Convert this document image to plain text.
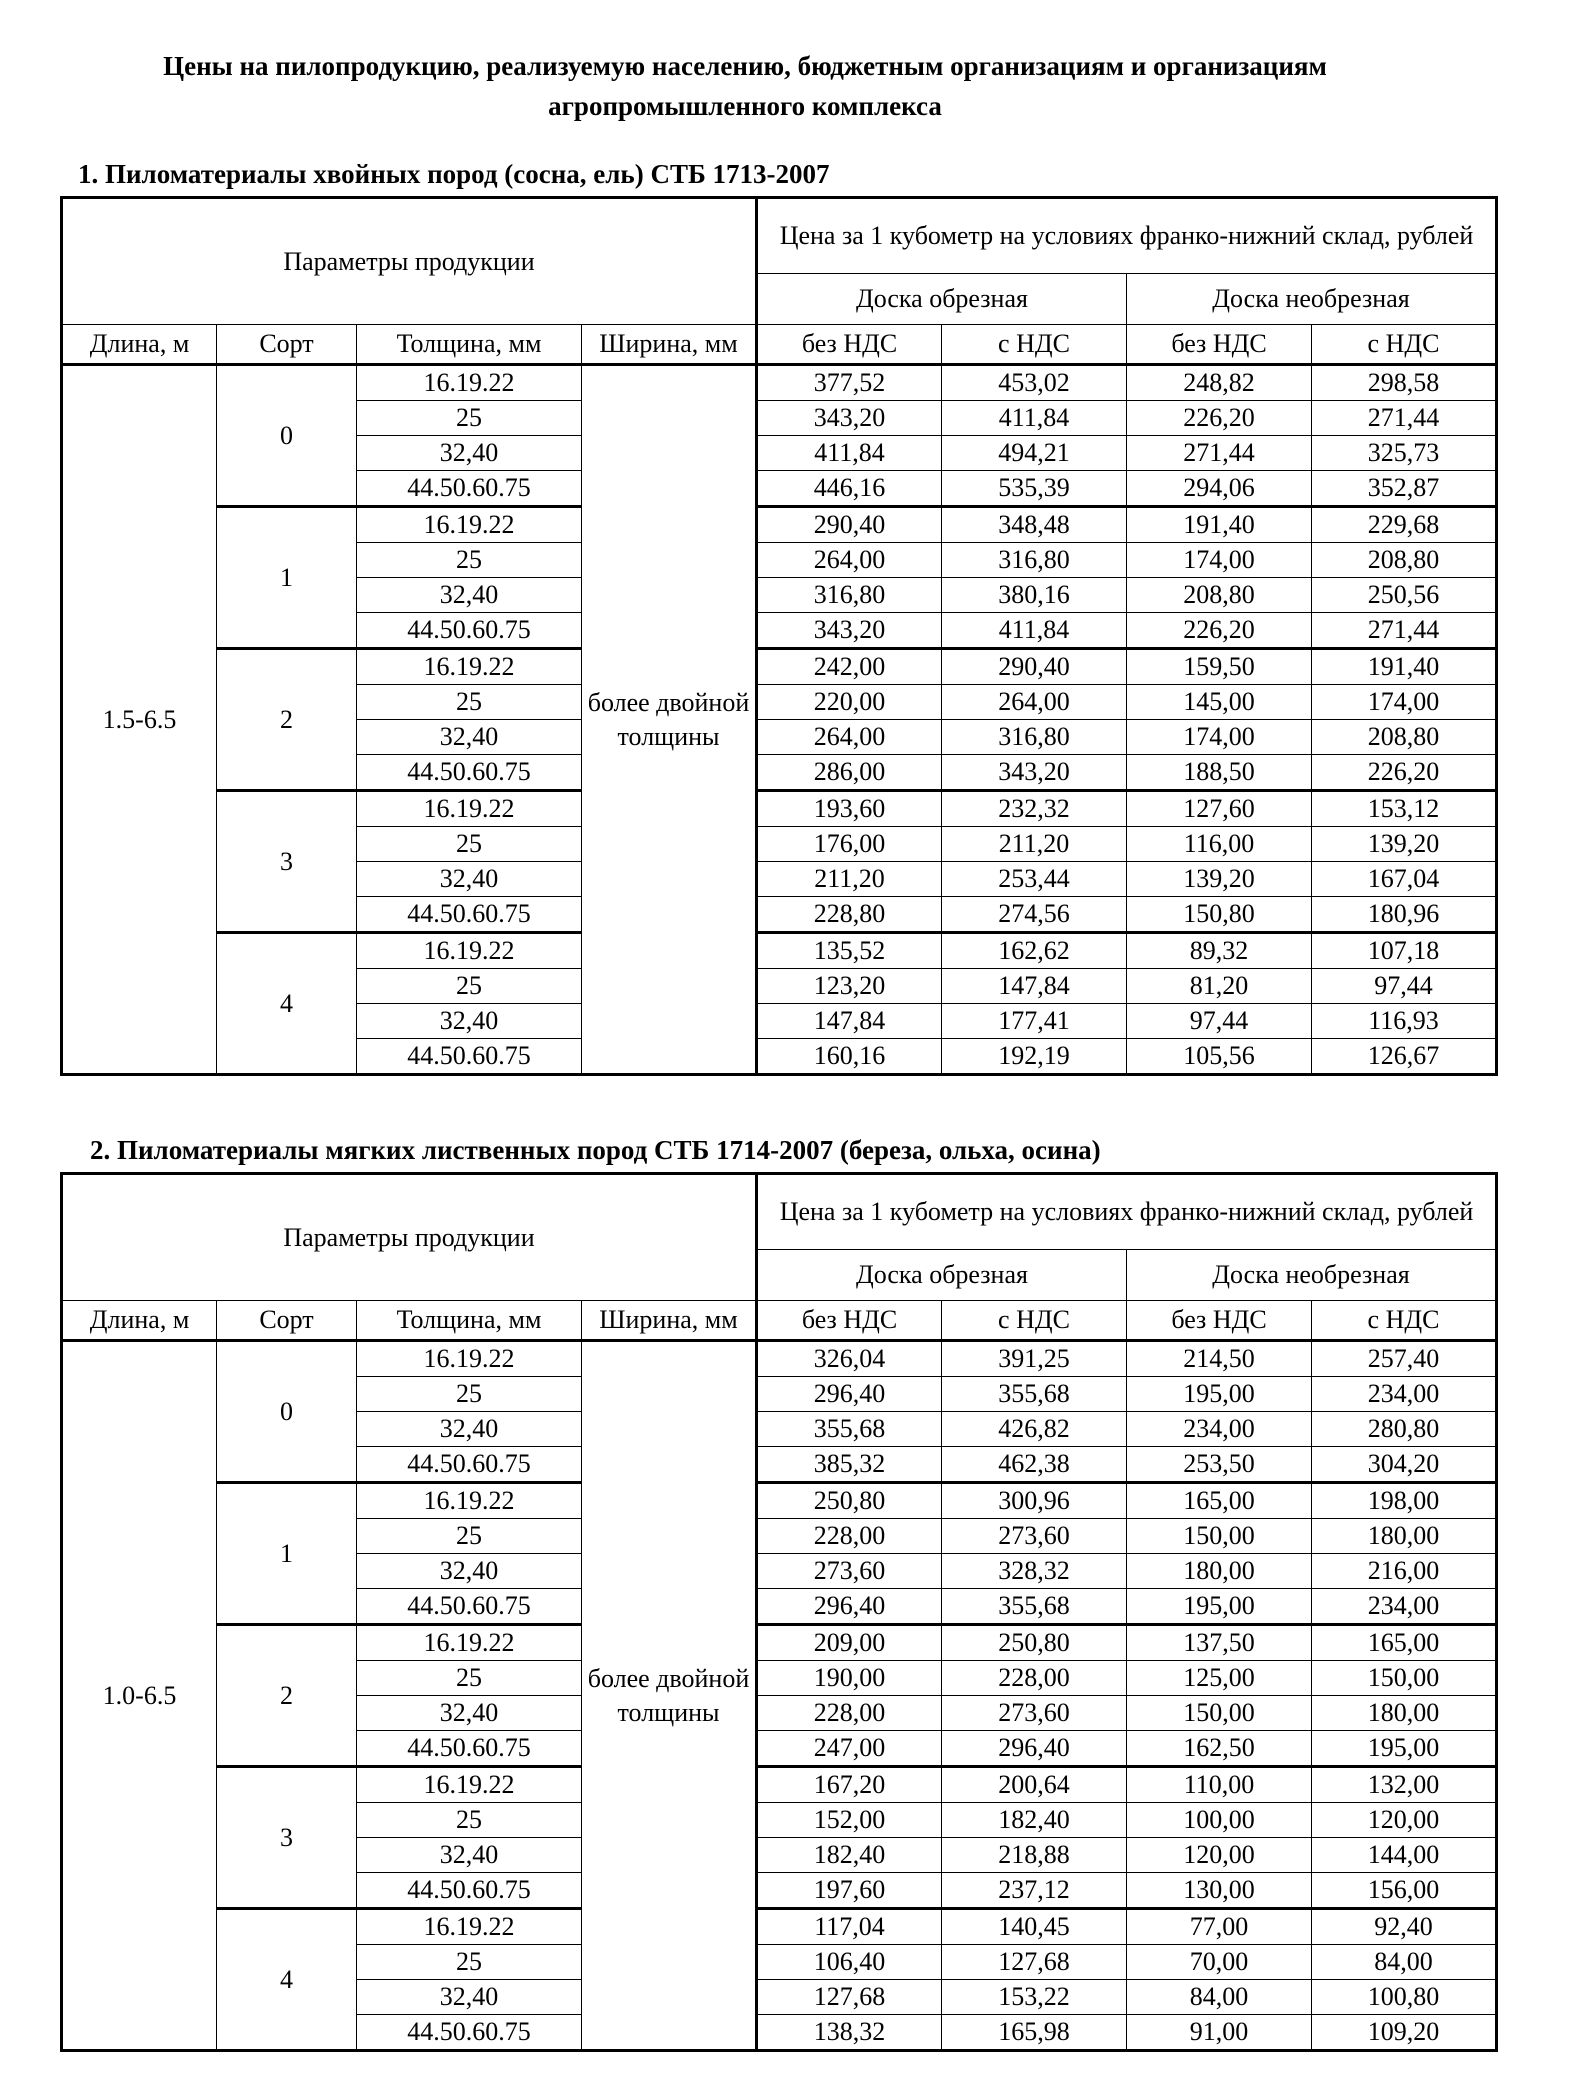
Цены на пилопродукцию, реализуемую населению, бюджетным организациям и организациям
агропромышленного комплекса
1. Пиломатериалы хвойных пород (сосна, ель) СТБ 1713-2007
Параметры продукции				Цена за 1 кубометр на условиях франко-нижний склад, рублей			
				Доска обрезная		Доска необрезная	
Длина, м	Сорт	Толщина, мм	Ширина, мм	без НДС	с НДС	без НДС	с НДС
1.5-6.5	0	16.19.22	более двойной толщины	377,52	453,02	248,82	298,58
		25		343,20	411,84	226,20	271,44
		32,40		411,84	494,21	271,44	325,73
		44.50.60.75		446,16	535,39	294,06	352,87
	1	16.19.22		290,40	348,48	191,40	229,68
		25		264,00	316,80	174,00	208,80
		32,40		316,80	380,16	208,80	250,56
		44.50.60.75		343,20	411,84	226,20	271,44
	2	16.19.22		242,00	290,40	159,50	191,40
		25		220,00	264,00	145,00	174,00
		32,40		264,00	316,80	174,00	208,80
		44.50.60.75		286,00	343,20	188,50	226,20
	3	16.19.22		193,60	232,32	127,60	153,12
		25		176,00	211,20	116,00	139,20
		32,40		211,20	253,44	139,20	167,04
		44.50.60.75		228,80	274,56	150,80	180,96
	4	16.19.22		135,52	162,62	89,32	107,18
		25		123,20	147,84	81,20	97,44
		32,40		147,84	177,41	97,44	116,93
		44.50.60.75		160,16	192,19	105,56	126,67
2. Пиломатериалы мягких лиственных пород СТБ 1714-2007 (береза, ольха, осина)
Параметры продукции				Цена за 1 кубометр на условиях франко-нижний склад, рублей			
				Доска обрезная		Доска необрезная	
Длина, м	Сорт	Толщина, мм	Ширина, мм	без НДС	с НДС	без НДС	с НДС
1.0-6.5	0	16.19.22	более двойной толщины	326,04	391,25	214,50	257,40
		25		296,40	355,68	195,00	234,00
		32,40		355,68	426,82	234,00	280,80
		44.50.60.75		385,32	462,38	253,50	304,20
	1	16.19.22		250,80	300,96	165,00	198,00
		25		228,00	273,60	150,00	180,00
		32,40		273,60	328,32	180,00	216,00
		44.50.60.75		296,40	355,68	195,00	234,00
	2	16.19.22		209,00	250,80	137,50	165,00
		25		190,00	228,00	125,00	150,00
		32,40		228,00	273,60	150,00	180,00
		44.50.60.75		247,00	296,40	162,50	195,00
	3	16.19.22		167,20	200,64	110,00	132,00
		25		152,00	182,40	100,00	120,00
		32,40		182,40	218,88	120,00	144,00
		44.50.60.75		197,60	237,12	130,00	156,00
	4	16.19.22		117,04	140,45	77,00	92,40
		25		106,40	127,68	70,00	84,00
		32,40		127,68	153,22	84,00	100,80
		44.50.60.75		138,32	165,98	91,00	109,20
